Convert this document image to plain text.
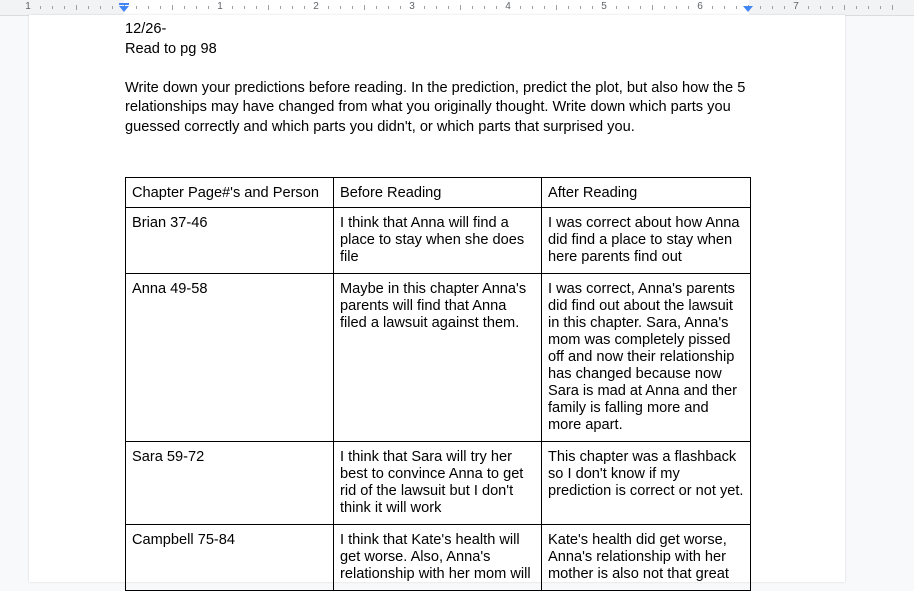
1	1	2	3	4	5	6	7

12/26-

Read to pg 98

Write down your predictions before reading. In the prediction, predict the plot, but also how the 5 relationships may have changed from what you originally thought. Write down which parts you guessed correctly and which parts you didn't, or which parts that surprised you.

Chapter Page#'s and Person	Before Reading	After Reading
Brian 37-46	I think that Anna will find a place to stay when she does file	I was correct about how Anna did find a place to stay when here parents find out
Anna 49-58	Maybe in this chapter Anna's parents will find that Anna filed a lawsuit against them.	I was correct, Anna's parents did find out about the lawsuit in this chapter. Sara, Anna's mom was completely pissed off and now their relationship has changed because now Sara is mad at Anna and ther family is falling more and more apart.
Sara 59-72	I think that Sara will try her best to convince Anna to get rid of the lawsuit but I don't think it will work	This chapter was a flashback so I don't know if my prediction is correct or not yet.
Campbell 75-84	I think that Kate's health will get worse. Also, Anna's relationship with her mom will	Kate's health did get worse, Anna's relationship with her mother is also not that great
